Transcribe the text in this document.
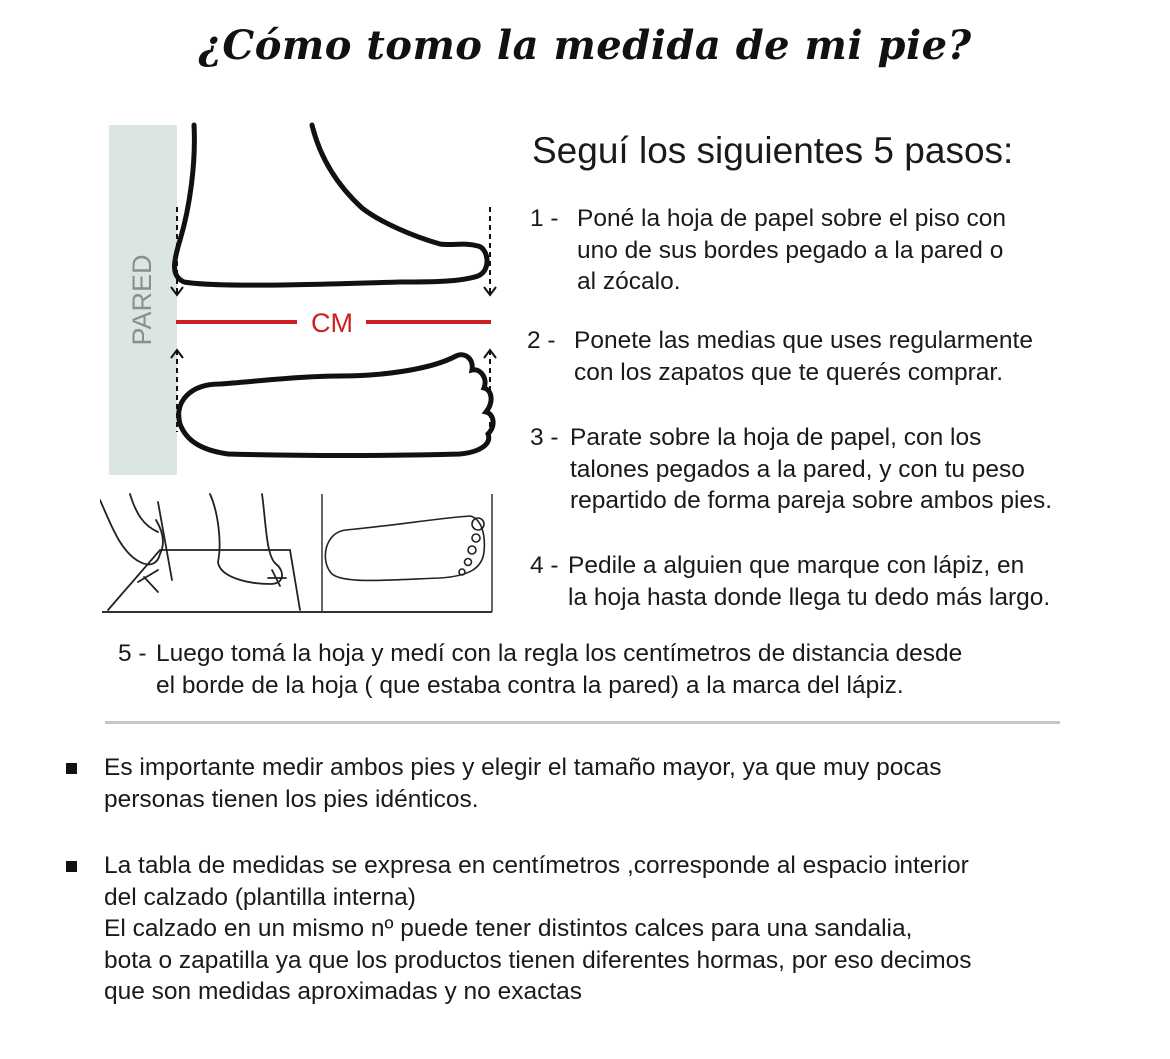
¿Cómo tomo la medida de mi pie?
PARED	CM
Seguí los siguientes 5 pasos:
1 - Poné la hoja de papel sobre el piso con
uno de sus bordes pegado a la pared o
al zócalo.
2 - Ponete las medias que uses regularmente
con los zapatos que te querés comprar.
3 - Parate sobre la hoja de papel, con los
talones pegados a la pared, y con tu peso
repartido de forma pareja sobre ambos pies.
4 - Pedile a alguien que marque con lápiz, en
la hoja hasta donde llega tu dedo más largo.
5 - Luego tomá la hoja y medí con la regla los centímetros de distancia desde
el borde de la hoja ( que estaba contra la pared) a la marca del lápiz.
Es importante medir ambos pies y elegir el tamaño mayor, ya que muy pocas
personas tienen los pies idénticos.
La tabla de medidas se expresa en centímetros ,corresponde al espacio interior
del calzado (plantilla interna)
El calzado en un mismo nº puede tener distintos calces para una sandalia,
bota o zapatilla ya que los productos tienen diferentes hormas, por eso decimos
que son medidas aproximadas y no exactas
